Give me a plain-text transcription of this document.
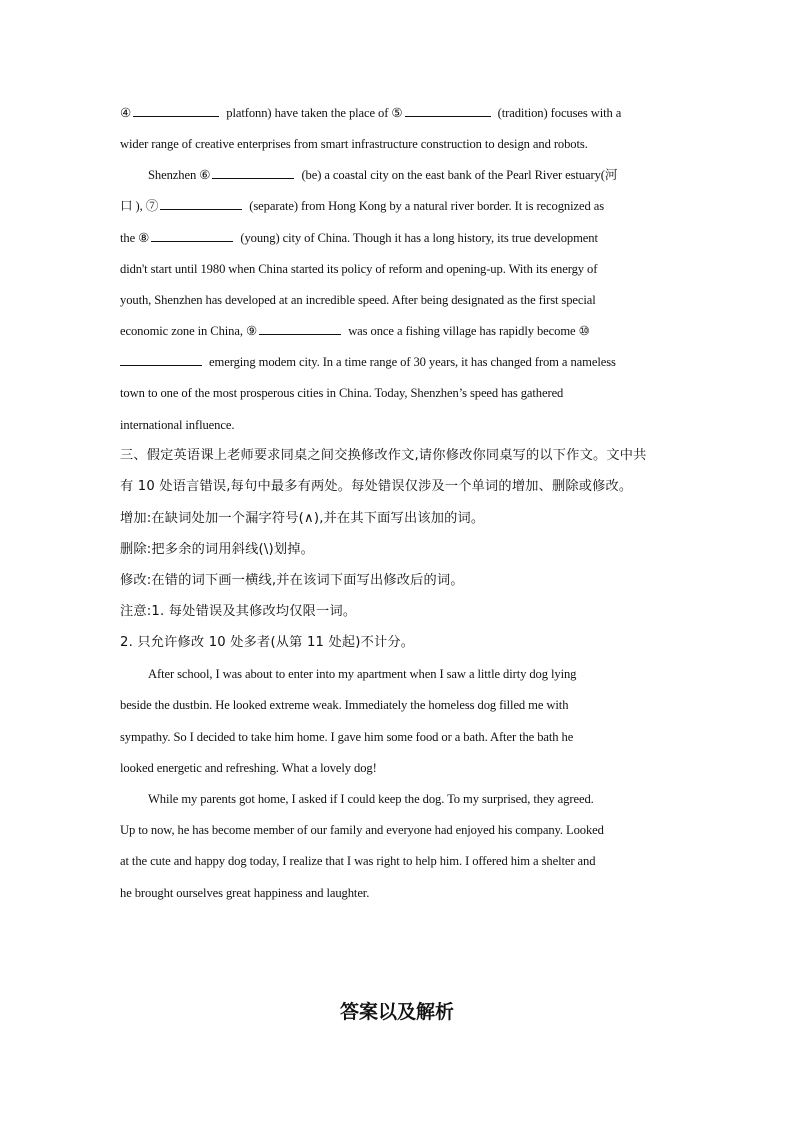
④	platfonn) have taken the place of ⑤	(tradition) focuses with a
wider range of creative enterprises from smart infrastructure construction to design and robots.
Shenzhen ⑥	(be) a coastal city on the east bank of the Pearl River estuary(河
口 ), ⑦	(separate) from Hong Kong by a natural river border. It is recognized as
the ⑧	(young) city of China. Though it has a long history, its true development
didn't start until 1980 when China started its policy of reform and opening-up. With its energy of
youth, Shenzhen has developed at an incredible speed. After being designated as the first special
economic zone in China, ⑨	was once a fishing village has rapidly become ⑩
emerging modem city. In a time range of 30 years, it has changed from a nameless
town to one of the most prosperous cities in China. Today, Shenzhen’s speed has gathered
international influence.
三、假定英语课上老师要求同桌之间交换修改作文,请你修改你同桌写的以下作文。文中共
有 10 处语言错误,每句中最多有两处。每处错误仅涉及一个单词的增加、删除或修改。
增加:在缺词处加一个漏字符号(∧),并在其下面写出该加的词。
删除:把多余的词用斜线(\)划掉。
修改:在错的词下画一横线,并在该词下面写出修改后的词。
注意:1. 每处错误及其修改均仅限一词。
2. 只允许修改 10 处多者(从第 11 处起)不计分。
After school, I was about to enter into my apartment when I saw a little dirty dog lying
beside the dustbin. He looked extreme weak. Immediately the homeless dog filled me with
sympathy. So I decided to take him home. I gave him some food or a bath. After the bath he
looked energetic and refreshing. What a lovely dog!
While my parents got home, I asked if I could keep the dog. To my surprised, they agreed.
Up to now, he has become member of our family and everyone had enjoyed his company. Looked
at the cute and happy dog today, I realize that I was right to help him. I offered him a shelter and
he brought ourselves great happiness and laughter.
答案以及解析
